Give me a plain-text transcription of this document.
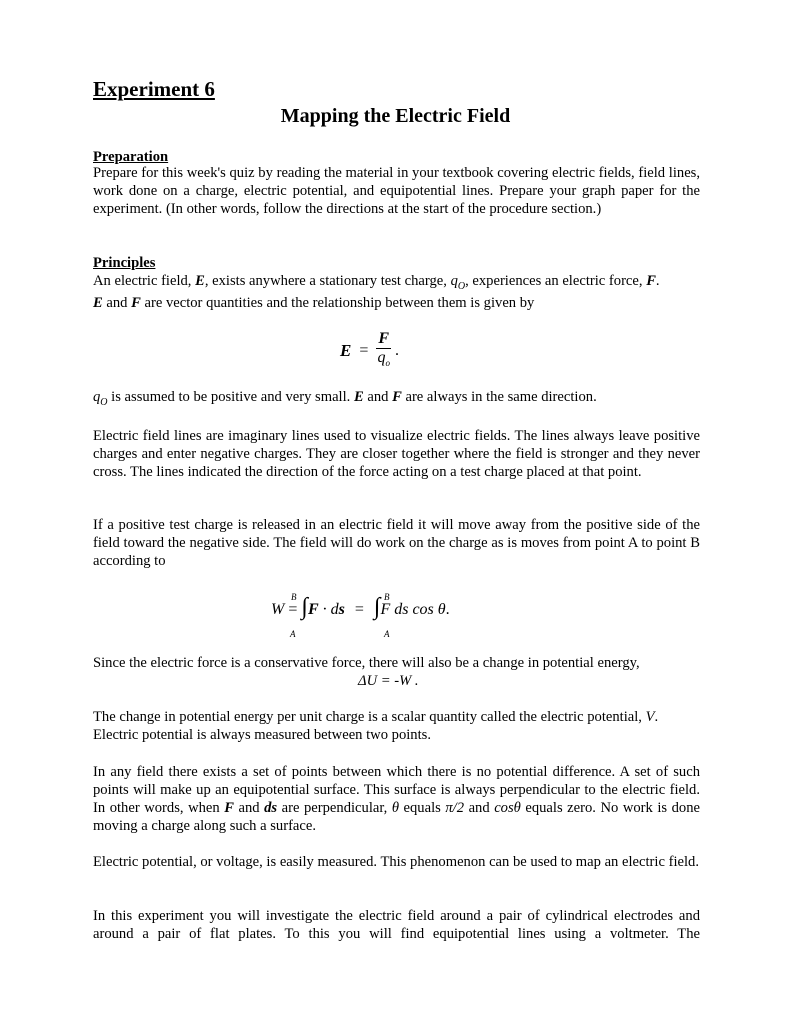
Experiment 6
Mapping the Electric Field
Preparation

Prepare for this week's quiz by reading the material in your textbook covering electric fields, field lines, work done on a charge, electric potential, and equipotential lines. Prepare your graph paper for the experiment. (In other words, follow the directions at the start of the procedure section.)

Principles

An electric field, E, exists anywhere a stationary test charge, $q_O$, experiences an electric force, F.

E and F are vector quantities and the relationship between them is given by

$E = \frac{F}{q_o}$ .

$q_O$ is assumed to be positive and very small. E and F are always in the same direction.

Electric field lines are imaginary lines used to visualize electric fields. The lines always leave positive charges and enter negative charges. They are closer together where the field is stronger and they never cross. The lines indicated the direction of the force acting on a test charge placed at that point.

If a positive test charge is released in an electric field it will move away from the positive side of the field toward the negative side. The field will do work on the charge as is moves from point A to point B according to

B
A
B
A
W = ∫F · ds = ∫F ds cos θ.

Since the electric force is a conservative force, there will also be a change in potential energy,

ΔU = -W .

The change in potential energy per unit charge is a scalar quantity called the electric potential, V.

Electric potential is always measured between two points.

In any field there exists a set of points between which there is no potential difference. A set of such points will make up an equipotential surface. This surface is always perpendicular to the electric field. In other words, when F and ds are perpendicular, θ equals π/2 and cosθ equals zero. No work is done moving a charge along such a surface.

Electric potential, or voltage, is easily measured. This phenomenon can be used to map an electric field.

In this experiment you will investigate the electric field around a pair of cylindrical electrodes and around a pair of flat plates. To this you will find equipotential lines using a voltmeter. The
